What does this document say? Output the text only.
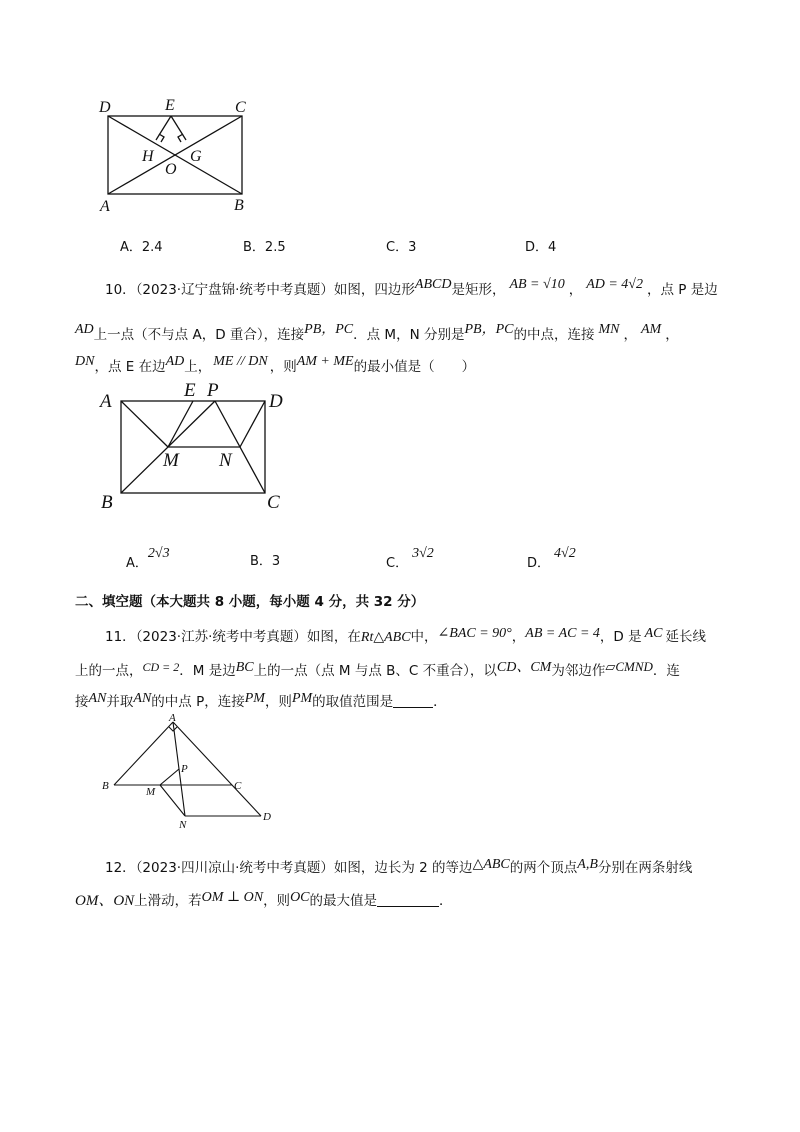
D	E	C
H
O
G
A	B
A．2.4	B．2.5	C．3	D．4
10．（2023·辽宁盘锦·统考中考真题）如图，四边形ABCD是矩形， AB = √10 ， AD = 4√2 ，点 P 是边
AD上一点（不与点 A，D 重合），连接PB，PC．点 M，N 分别是PB，PC的中点，连接 MN ， AM ，
DN，点 E 在边AD上， ME // DN ，则AM + ME的最小值是（　　）
A
E P
D
M N
B	C
A．2√3
B．3	C．3√2
D．4√2
二、填空题（本大题共 8 小题，每小题 4 分，共 32 分）
11．（2023·江苏·统考中考真题）如图，在Rt△ABC中，∠BAC = 90°，AB = AC = 4，D 是 AC 延长线
上的一点，CD = 2．M 是边BC上的一点（点 M 与点 B、C 不重合），以CD、CM为邻边作▱CMND．连
接AN并取AN的中点 P，连接PM，则PM的取值范围是	．
A
P
B	C
M
N
D
12．（2023·四川凉山·统考中考真题）如图，边长为 2 的等边△ABC的两个顶点A,B分别在两条射线
OM、ON上滑动，若OM ⊥ ON，则OC的最大值是	．
